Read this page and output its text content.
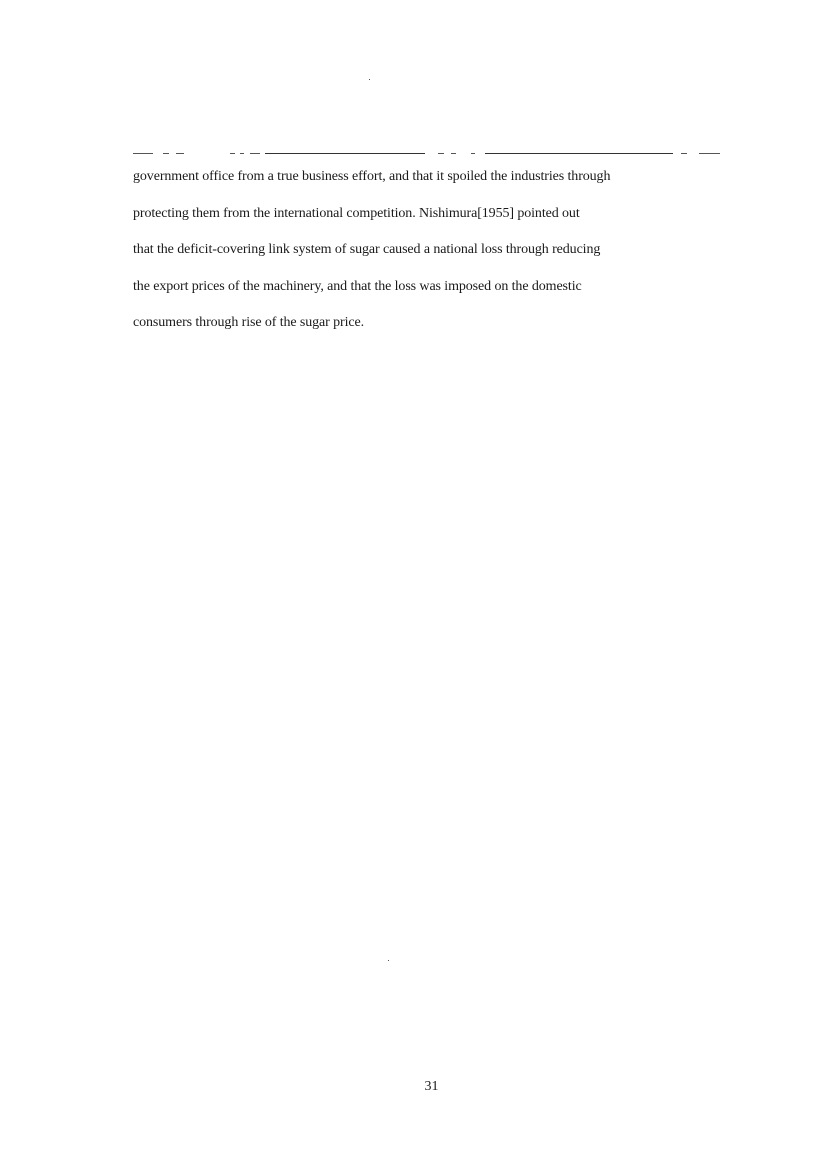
government office from a true business effort, and that it spoiled the industries through
protecting them from the international competition. Nishimura[1955] pointed out
that the deficit-covering link system of sugar caused a national loss through reducing
the export prices of the machinery, and that the loss was imposed on the domestic
consumers through rise of the sugar price.
31
